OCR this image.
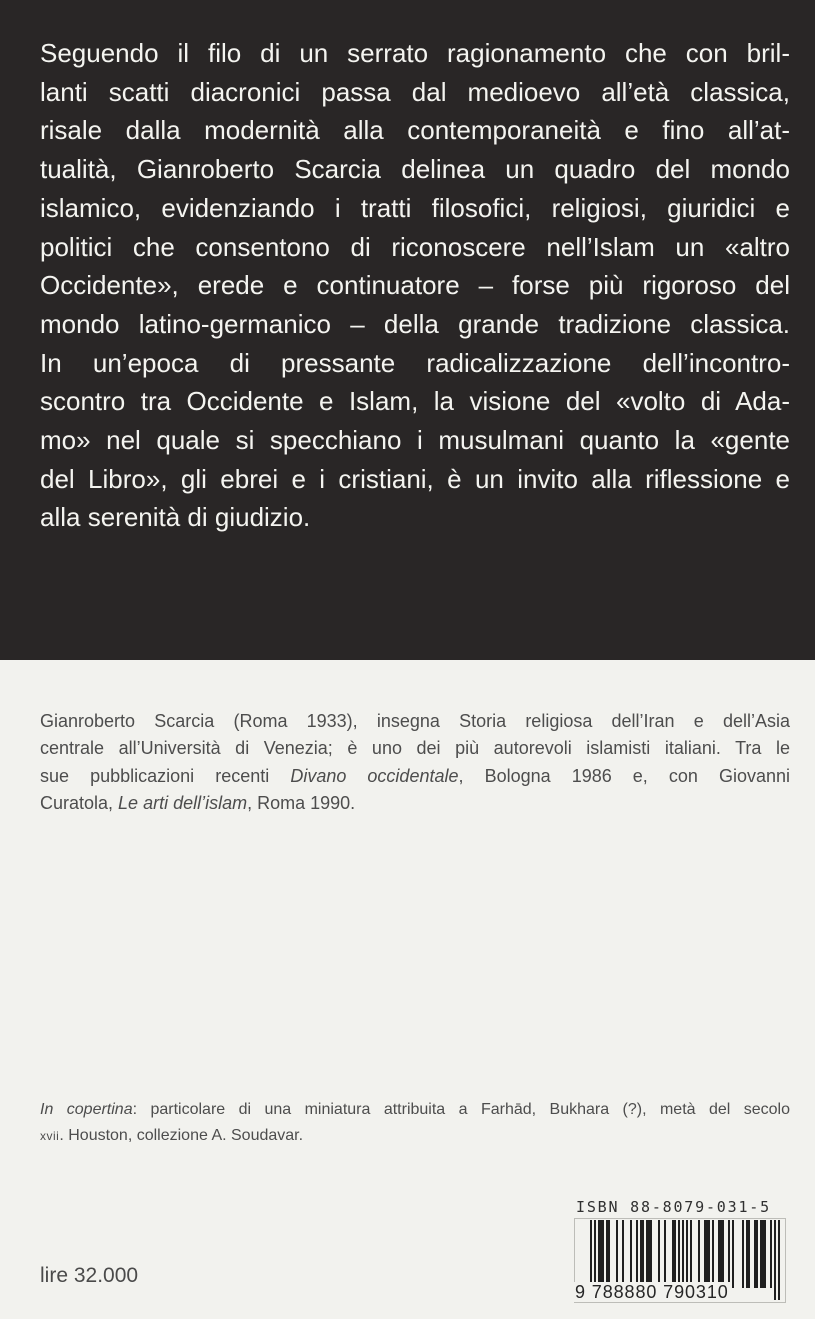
Seguendo il filo di un serrato ragionamento che con bril-
lanti scatti diacronici passa dal medioevo all’età classica,
risale dalla modernità alla contemporaneità e fino all’at-
tualità, Gianroberto Scarcia delinea un quadro del mondo
islamico, evidenziando i tratti filosofici, religiosi, giuridici e
politici che consentono di riconoscere nell’Islam un «altro
Occidente», erede e continuatore – forse più rigoroso del
mondo latino-germanico – della grande tradizione classica.
In un’epoca di pressante radicalizzazione dell’incontro-
scontro tra Occidente e Islam, la visione del «volto di Ada-
mo» nel quale si specchiano i musulmani quanto la «gente
del Libro», gli ebrei e i cristiani, è un invito alla riflessione e
alla serenità di giudizio.
Gianroberto Scarcia (Roma 1933), insegna Storia religiosa dell’Iran e dell’Asia
centrale all’Università di Venezia; è uno dei più autorevoli islamisti italiani. Tra le
sue pubblicazioni recenti Divano occidentale, Bologna 1986 e, con Giovanni
Curatola, Le arti dell’islam, Roma 1990.
In copertina: particolare di una miniatura attribuita a Farhād, Bukhara (?), metà del secolo
xvii. Houston, collezione A. Soudavar.
lire 32.000
ISBN 88-8079-031-5
9 788880 790310
